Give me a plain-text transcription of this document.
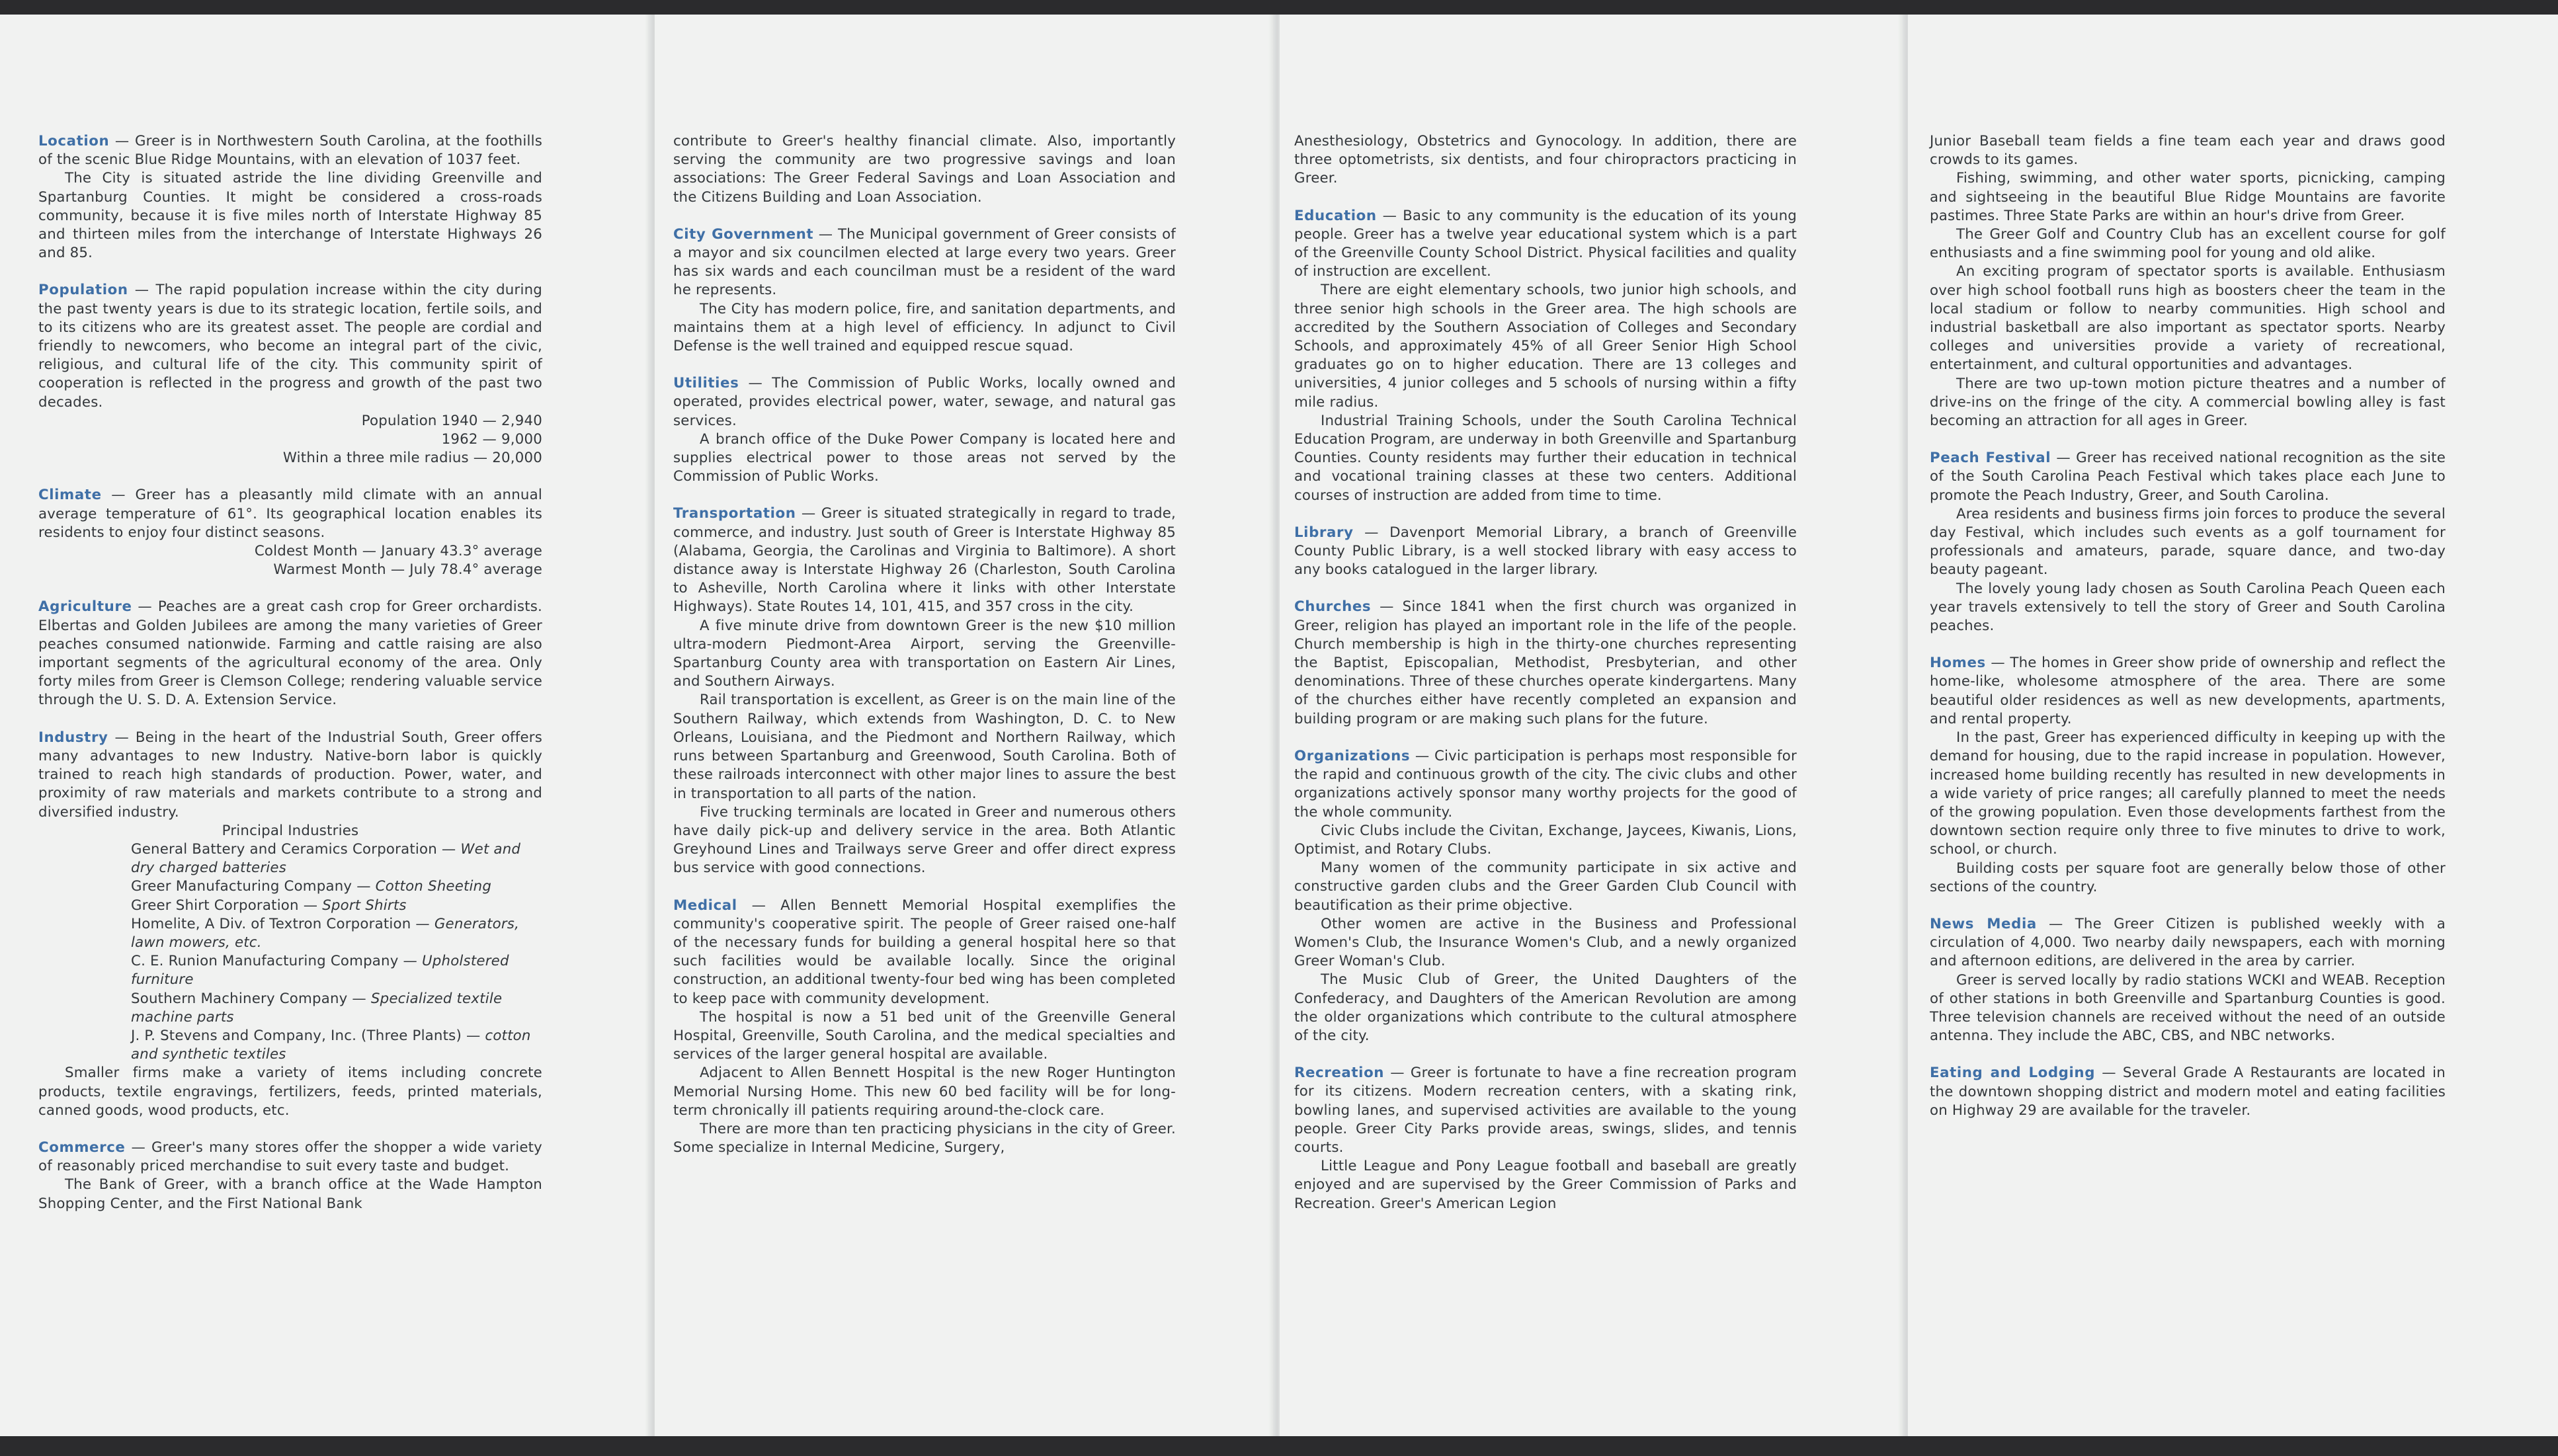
Location — Greer is in Northwestern South Carolina, at the foothills of the scenic Blue Ridge Mountains, with an elevation of 1037 feet.

The City is situated astride the line dividing Greenville and Spartanburg Counties. It might be considered a cross-roads community, because it is five miles north of Interstate Highway 85 and thirteen miles from the interchange of Interstate Highways 26 and 85.

Population — The rapid population increase within the city during the past twenty years is due to its strategic location, fertile soils, and to its citizens who are its greatest asset. The people are cordial and friendly to newcomers, who become an integral part of the civic, religious, and cultural life of the city. This community spirit of cooperation is reflected in the progress and growth of the past two decades.

Population 1940 — 2,940
1962 — 9,000
Within a three mile radius — 20,000

Climate — Greer has a pleasantly mild climate with an annual average temperature of 61°. Its geographical location enables its residents to enjoy four distinct seasons.

Coldest Month — January 43.3° average
Warmest Month — July 78.4° average

Agriculture — Peaches are a great cash crop for Greer orchardists. Elbertas and Golden Jubilees are among the many varieties of Greer peaches consumed nationwide. Farming and cattle raising are also important segments of the agricultural economy of the area. Only forty miles from Greer is Clemson College; rendering valuable service through the U. S. D. A. Extension Service.

Industry — Being in the heart of the Industrial South, Greer offers many advantages to new Industry. Native-born labor is quickly trained to reach high standards of production. Power, water, and proximity of raw materials and markets contribute to a strong and diversified industry.

Principal Industries
General Battery and Ceramics Corporation — Wet and dry charged batteries
Greer Manufacturing Company — Cotton Sheeting
Greer Shirt Corporation — Sport Shirts
Homelite, A Div. of Textron Corporation — Generators, lawn mowers, etc.
C. E. Runion Manufacturing Company — Upholstered furniture
Southern Machinery Company — Specialized textile machine parts
J. P. Stevens and Company, Inc. (Three Plants) — cotton and synthetic textiles

Smaller firms make a variety of items including concrete products, textile engravings, fertilizers, feeds, printed materials, canned goods, wood products, etc.

Commerce — Greer's many stores offer the shopper a wide variety of reasonably priced merchandise to suit every taste and budget.

The Bank of Greer, with a branch office at the Wade Hampton Shopping Center, and the First National Bank

contribute to Greer's healthy financial climate. Also, importantly serving the community are two progressive savings and loan associations: The Greer Federal Savings and Loan Association and the Citizens Building and Loan Association.

City Government — The Municipal government of Greer consists of a mayor and six councilmen elected at large every two years. Greer has six wards and each councilman must be a resident of the ward he represents.

The City has modern police, fire, and sanitation departments, and maintains them at a high level of efficiency. In adjunct to Civil Defense is the well trained and equipped rescue squad.

Utilities — The Commission of Public Works, locally owned and operated, provides electrical power, water, sewage, and natural gas services.

A branch office of the Duke Power Company is located here and supplies electrical power to those areas not served by the Commission of Public Works.

Transportation — Greer is situated strategically in regard to trade, commerce, and industry. Just south of Greer is Interstate Highway 85 (Alabama, Georgia, the Carolinas and Virginia to Baltimore). A short distance away is Interstate Highway 26 (Charleston, South Carolina to Asheville, North Carolina where it links with other Interstate Highways). State Routes 14, 101, 415, and 357 cross in the city.

A five minute drive from downtown Greer is the new $10 million ultra-modern Piedmont-Area Airport, serving the Greenville-Spartanburg County area with transportation on Eastern Air Lines, and Southern Airways.

Rail transportation is excellent, as Greer is on the main line of the Southern Railway, which extends from Washington, D. C. to New Orleans, Louisiana, and the Piedmont and Northern Railway, which runs between Spartanburg and Greenwood, South Carolina. Both of these railroads interconnect with other major lines to assure the best in transportation to all parts of the nation.

Five trucking terminals are located in Greer and numerous others have daily pick-up and delivery service in the area. Both Atlantic Greyhound Lines and Trailways serve Greer and offer direct express bus service with good connections.

Medical — Allen Bennett Memorial Hospital exemplifies the community's cooperative spirit. The people of Greer raised one-half of the necessary funds for building a general hospital here so that such facilities would be available locally. Since the original construction, an additional twenty-four bed wing has been completed to keep pace with community development.

The hospital is now a 51 bed unit of the Greenville General Hospital, Greenville, South Carolina, and the medical specialties and services of the larger general hospital are available.

Adjacent to Allen Bennett Hospital is the new Roger Huntington Memorial Nursing Home. This new 60 bed facility will be for long-term chronically ill patients requiring around-the-clock care.

There are more than ten practicing physicians in the city of Greer. Some specialize in Internal Medicine, Surgery,

Anesthesiology, Obstetrics and Gynocology. In addition, there are three optometrists, six dentists, and four chiropractors practicing in Greer.

Education — Basic to any community is the education of its young people. Greer has a twelve year educational system which is a part of the Greenville County School District. Physical facilities and quality of instruction are excellent.

There are eight elementary schools, two junior high schools, and three senior high schools in the Greer area. The high schools are accredited by the Southern Association of Colleges and Secondary Schools, and approximately 45% of all Greer Senior High School graduates go on to higher education. There are 13 colleges and universities, 4 junior colleges and 5 schools of nursing within a fifty mile radius.

Industrial Training Schools, under the South Carolina Technical Education Program, are underway in both Greenville and Spartanburg Counties. County residents may further their education in technical and vocational training classes at these two centers. Additional courses of instruction are added from time to time.

Library — Davenport Memorial Library, a branch of Greenville County Public Library, is a well stocked library with easy access to any books catalogued in the larger library.

Churches — Since 1841 when the first church was organized in Greer, religion has played an important role in the life of the people. Church membership is high in the thirty-one churches representing the Baptist, Episcopalian, Methodist, Presbyterian, and other denominations. Three of these churches operate kindergartens. Many of the churches either have recently completed an expansion and building program or are making such plans for the future.

Organizations — Civic participation is perhaps most responsible for the rapid and continuous growth of the city. The civic clubs and other organizations actively sponsor many worthy projects for the good of the whole community.

Civic Clubs include the Civitan, Exchange, Jaycees, Kiwanis, Lions, Optimist, and Rotary Clubs.

Many women of the community participate in six active and constructive garden clubs and the Greer Garden Club Council with beautification as their prime objective.

Other women are active in the Business and Professional Women's Club, the Insurance Women's Club, and a newly organized Greer Woman's Club.

The Music Club of Greer, the United Daughters of the Confederacy, and Daughters of the American Revolution are among the older organizations which contribute to the cultural atmosphere of the city.

Recreation — Greer is fortunate to have a fine recreation program for its citizens. Modern recreation centers, with a skating rink, bowling lanes, and supervised activities are available to the young people. Greer City Parks provide areas, swings, slides, and tennis courts.

Little League and Pony League football and baseball are greatly enjoyed and are supervised by the Greer Commission of Parks and Recreation. Greer's American Legion

Junior Baseball team fields a fine team each year and draws good crowds to its games.

Fishing, swimming, and other water sports, picnicking, camping and sightseeing in the beautiful Blue Ridge Mountains are favorite pastimes. Three State Parks are within an hour's drive from Greer.

The Greer Golf and Country Club has an excellent course for golf enthusiasts and a fine swimming pool for young and old alike.

An exciting program of spectator sports is available. Enthusiasm over high school football runs high as boosters cheer the team in the local stadium or follow to nearby communities. High school and industrial basketball are also important as spectator sports. Nearby colleges and universities provide a variety of recreational, entertainment, and cultural opportunities and advantages.

There are two up-town motion picture theatres and a number of drive-ins on the fringe of the city. A commercial bowling alley is fast becoming an attraction for all ages in Greer.

Peach Festival — Greer has received national recognition as the site of the South Carolina Peach Festival which takes place each June to promote the Peach Industry, Greer, and South Carolina.

Area residents and business firms join forces to produce the several day Festival, which includes such events as a golf tournament for professionals and amateurs, parade, square dance, and two-day beauty pageant.

The lovely young lady chosen as South Carolina Peach Queen each year travels extensively to tell the story of Greer and South Carolina peaches.

Homes — The homes in Greer show pride of ownership and reflect the home-like, wholesome atmosphere of the area. There are some beautiful older residences as well as new developments, apartments, and rental property.

In the past, Greer has experienced difficulty in keeping up with the demand for housing, due to the rapid increase in population. However, increased home building recently has resulted in new developments in a wide variety of price ranges; all carefully planned to meet the needs of the growing population. Even those developments farthest from the downtown section require only three to five minutes to drive to work, school, or church.

Building costs per square foot are generally below those of other sections of the country.

News Media — The Greer Citizen is published weekly with a circulation of 4,000. Two nearby daily newspapers, each with morning and afternoon editions, are delivered in the area by carrier.

Greer is served locally by radio stations WCKI and WEAB. Reception of other stations in both Greenville and Spartanburg Counties is good. Three television channels are received without the need of an outside antenna. They include the ABC, CBS, and NBC networks.

Eating and Lodging — Several Grade A Restaurants are located in the downtown shopping district and modern motel and eating facilities on Highway 29 are available for the traveler.
